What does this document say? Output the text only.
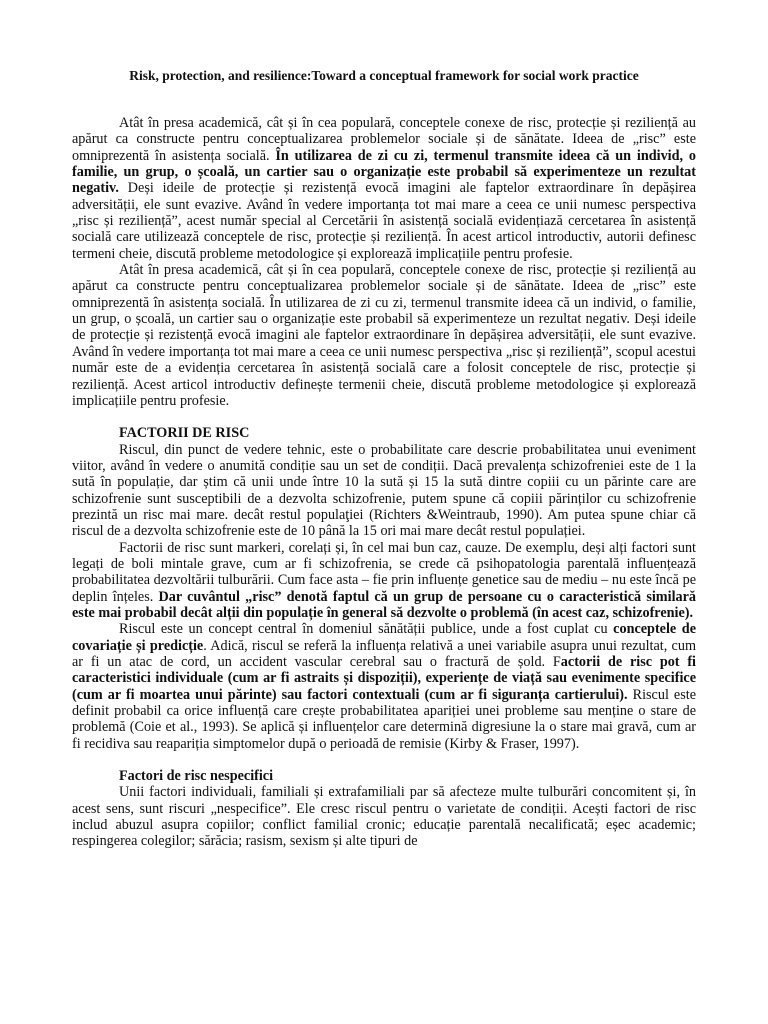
Risk, protection, and resilience:Toward a conceptual framework for social work practice

Atât în presa academică, cât și în cea populară, conceptele conexe de risc, protecție și reziliență au apărut ca constructe pentru conceptualizarea problemelor sociale și de sănătate. Ideea de „risc” este omniprezentă în asistența socială. În utilizarea de zi cu zi, termenul transmite ideea că un individ, o familie, un grup, o școală, un cartier sau o organizație este probabil să experimenteze un rezultat negativ. Deși ideile de protecție și rezistență evocă imagini ale faptelor extraordinare în depășirea adversității, ele sunt evazive. Având în vedere importanța tot mai mare a ceea ce unii numesc perspectiva „risc și reziliență”, acest număr special al Cercetării în asistență socială evidențiază cercetarea în asistență socială care utilizează conceptele de risc, protecție și reziliență. În acest articol introductiv, autorii definesc termeni cheie, discută probleme metodologice și explorează implicațiile pentru profesie.

Atât în presa academică, cât și în cea populară, conceptele conexe de risc, protecție și reziliență au apărut ca constructe pentru conceptualizarea problemelor sociale și de sănătate. Ideea de „risc” este omniprezentă în asistența socială. În utilizarea de zi cu zi, termenul transmite ideea că un individ, o familie, un grup, o școală, un cartier sau o organizație este probabil să experimenteze un rezultat negativ. Deși ideile de protecție și rezistență evocă imagini ale faptelor extraordinare în depășirea adversității, ele sunt evazive. Având în vedere importanța tot mai mare a ceea ce unii numesc perspectiva „risc și reziliență”, scopul acestui număr este de a evidenția cercetarea în asistență socială care a folosit conceptele de risc, protecție și reziliență. Acest articol introductiv definește termenii cheie, discută probleme metodologice și explorează implicațiile pentru profesie.

FACTORII DE RISC

Riscul, din punct de vedere tehnic, este o probabilitate care descrie probabilitatea unui eveniment viitor, având în vedere o anumită condiție sau un set de condiții. Dacă prevalența schizofreniei este de 1 la sută în populație, dar știm că unii unde între 10 la sută și 15 la sută dintre copiii cu un părinte care are schizofrenie sunt susceptibili de a dezvolta schizofrenie, putem spune că copiii părinților cu schizofrenie prezintă un risc mai mare. decât restul populaţiei (Richters &Weintraub, 1990). Am putea spune chiar că riscul de a dezvolta schizofrenie este de 10 până la 15 ori mai mare decât restul populației.

Factorii de risc sunt markeri, corelați și, în cel mai bun caz, cauze. De exemplu, deși alți factori sunt legați de boli mintale grave, cum ar fi schizofrenia, se crede că psihopatologia parentală influențează probabilitatea dezvoltării tulburării. Cum face asta – fie prin influențe genetice sau de mediu – nu este încă pe deplin înțeles. Dar cuvântul „risc” denotă faptul că un grup de persoane cu o caracteristică similară este mai probabil decât alții din populație în general să dezvolte o problemă (în acest caz, schizofrenie).

Riscul este un concept central în domeniul sănătății publice, unde a fost cuplat cu conceptele de covariație și predicție. Adică, riscul se referă la influența relativă a unei variabile asupra unui rezultat, cum ar fi un atac de cord, un accident vascular cerebral sau o fractură de șold. Factorii de risc pot fi caracteristici individuale (cum ar fi astraits și dispoziții), experiențe de viață sau evenimente specifice (cum ar fi moartea unui părinte) sau factori contextuali (cum ar fi siguranța cartierului). Riscul este definit probabil ca orice influență care crește probabilitatea apariției unei probleme sau menține o stare de problemă (Coie et al., 1993). Se aplică și influențelor care determină digresiune la o stare mai gravă, cum ar fi recidiva sau reapariția simptomelor după o perioadă de remisie (Kirby & Fraser, 1997).

Factori de risc nespecifici

Unii factori individuali, familiali și extrafamiliali par să afecteze multe tulburări concomitent și, în acest sens, sunt riscuri „nespecifice”. Ele cresc riscul pentru o varietate de condiții. Acești factori de risc includ abuzul asupra copiilor; conflict familial cronic; educație parentală necalificată; eșec academic; respingerea colegilor; sărăcia; rasism, sexism și alte tipuri de
